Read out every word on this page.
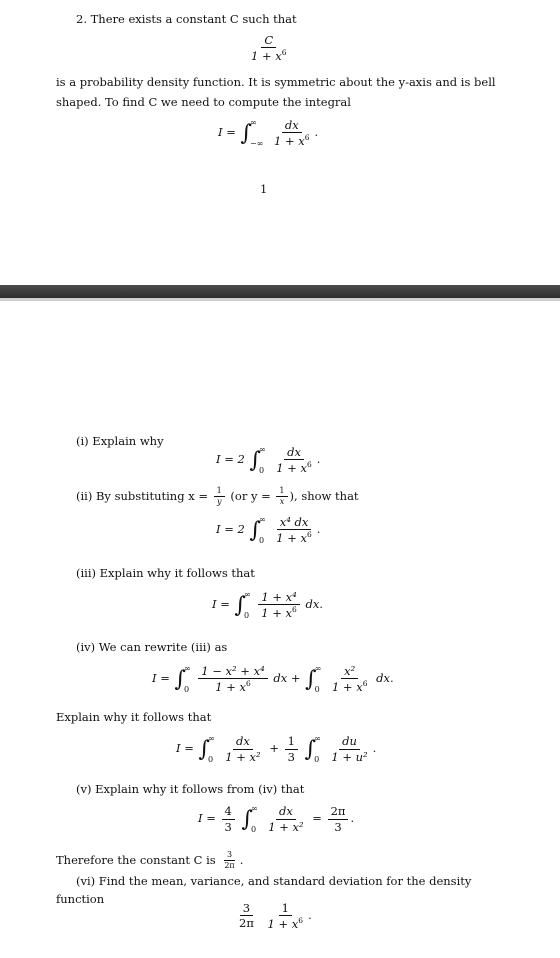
2. There exists a constant C such that
$\frac{C}{1 + x^6}$
is a probability density function. It is symmetric about the y-axis and is bell
shaped. To find C we need to compute the integral
I = ∫
∞
−∞
$\frac{dx}{1 + x^6}$ .
1
(i) Explain why
I = 2 ∫
∞
0
$\frac{dx}{1 + x^6}$ .
(ii) By substituting $x = \frac{1}{y} (or$ $y = \frac{1}{x}$ ), show that
I = 2 ∫
∞
0
$\frac{\text{x⁴ dx}}{1 + x^6}$ .
(iii) Explain why it follows that
I = ∫
∞
0
$\frac{\text{1 + x⁴}}{1 + x^6}$ dx.
(iv) We can rewrite (iii) as
I = ∫
∞
0
$\frac{\text{1 − x² + x⁴}}{1 + x^6}$ dx + ∫
∞
0
$\frac{\text{x²}}{1 + x^6}$ dx.
Explain why it follows that
I = ∫
∞
0
$\frac{dx}{\text{1 + x²}} + \frac{1}{3}$ ∫
∞
0
$\frac{du}{\text{1 + u²}}$ .
(v) Explain why it follows from (iv) that
$I = \frac{4}{3}$ ∫
∞
0
$\frac{dx}{\text{1 + x²}} = \frac{2\pi}{3}$ .
Therefore the constant C is $\frac{3}{2\pi}$ .
(vi) Find the mean, variance, and standard deviation for the density
function
$\frac{3}{2\pi}$
$\frac{1}{1 + x^6}$ .
